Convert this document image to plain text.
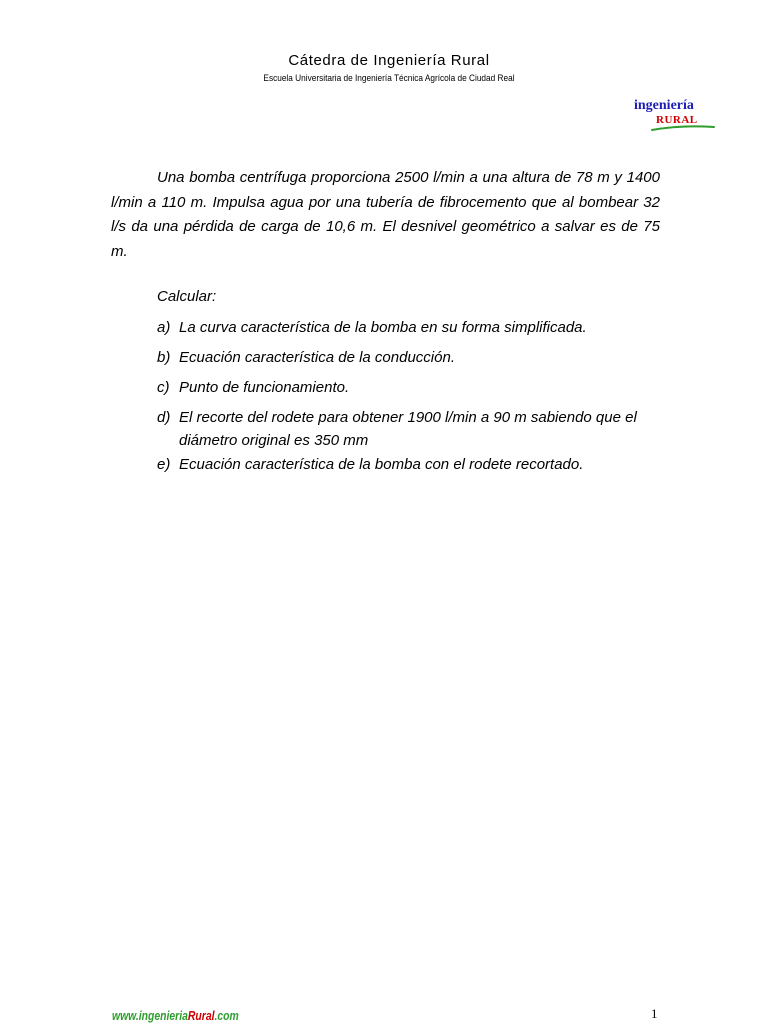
Cátedra de Ingeniería Rural
Escuela Universitaria de Ingeniería Técnica Agrícola de Ciudad Real
ingeniería
RURAL

Una bomba centrífuga proporciona 2500 l/min a una altura de 78 m y 1400 l/min a 110 m. Impulsa agua por una tubería de fibrocemento que al bombear 32 l/s da una pérdida de carga de 10,6 m. El desnivel geométrico a salvar es de 75 m.

Calcular:
a) La curva característica de la bomba en su forma simplificada.
b) Ecuación característica de la conducción.
c) Punto de funcionamiento.
d) El recorte del rodete para obtener 1900 l/min a 90 m sabiendo que el diámetro original es 350 mm
e) Ecuación característica de la bomba con el rodete recortado.
www.ingenieriaRural.com	1
